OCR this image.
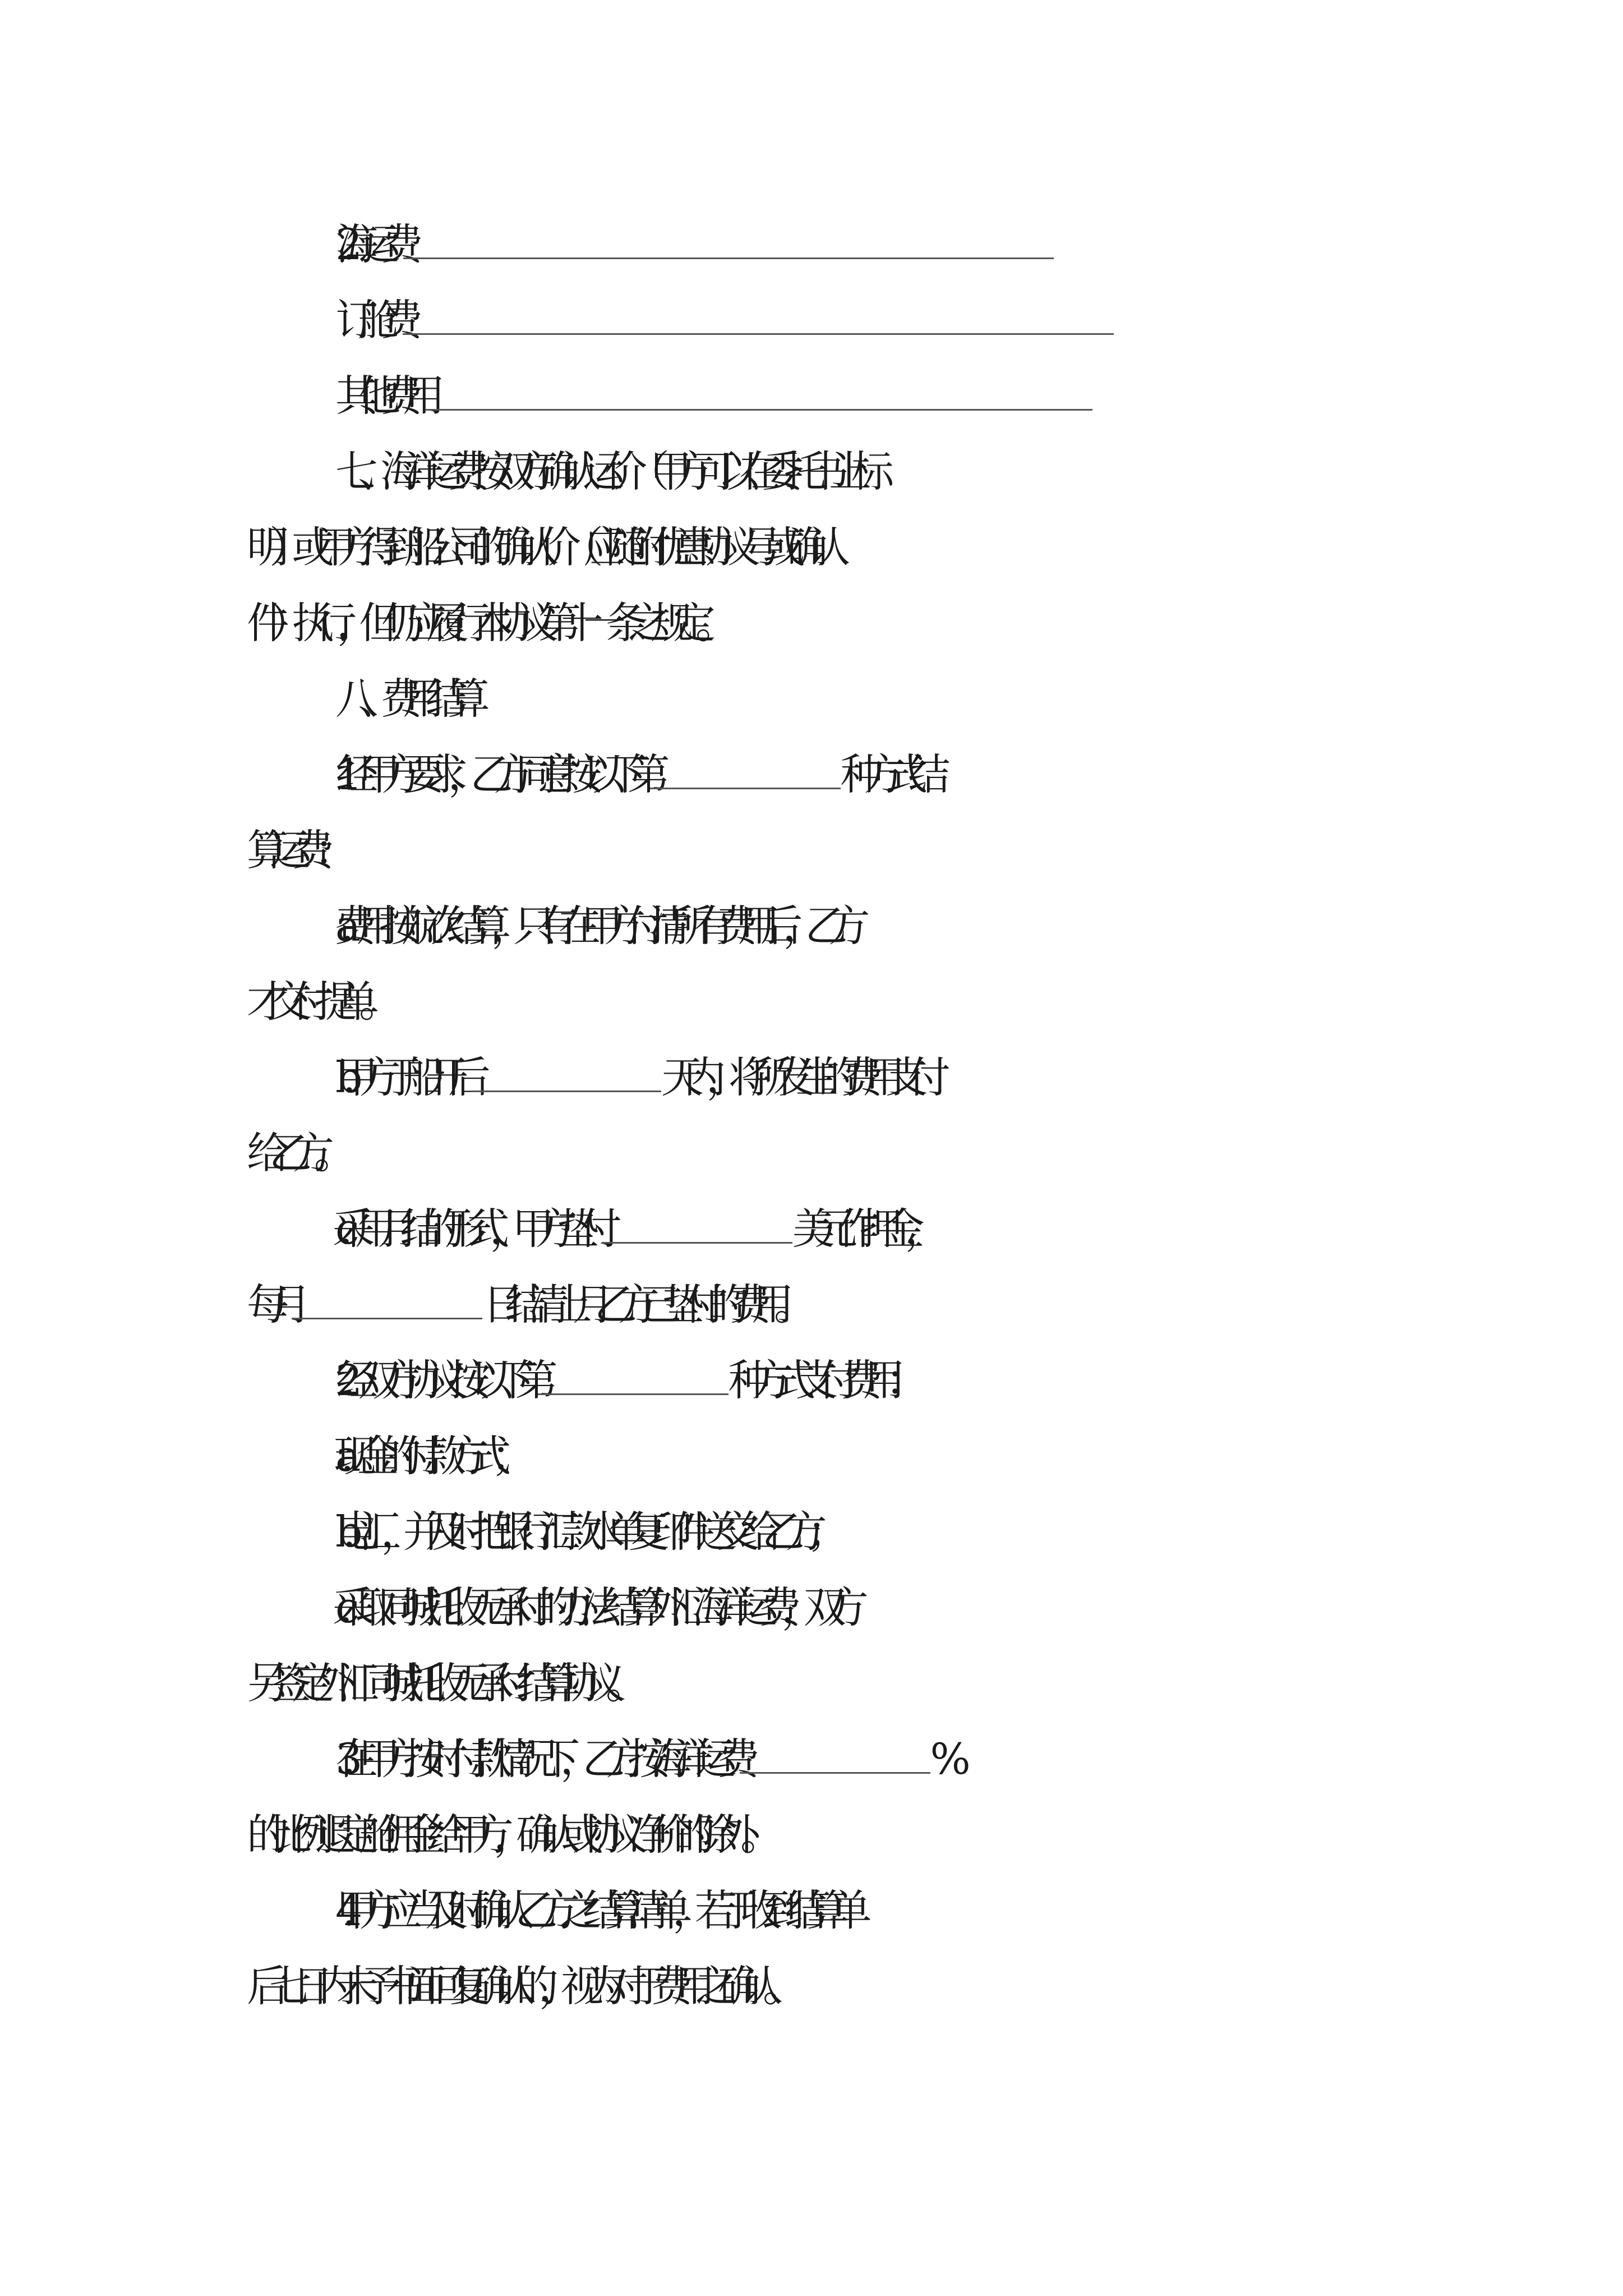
2.海运费
订舱费
其他费用
七、海洋运费按双方确认运价（甲方可以在委托书上标
明）或甲方得到船公司的确认价（应随附优惠协议号或确认
件）执行，但仍应履行本协议第十一条之规定。
八、费用结算
1.经甲方要求，乙方同意按以下第	种方式结
算运费：
a.费用按航次结算，只有在甲方付清所有费用后，乙方
才交付提单。
b.甲方于船开后	天内，将所发生的费用支付
给乙方。
c.采用月结的形式，甲方垫付	美元作押金，
每月	日结清上月乙方已垫付的费用。
2.经双方协议按以下第	种方式支付费用：
a.现金的付款方式；
b.电汇，并及时把银行汇款水单复印件送交给乙方；
c.采取同城托收无承付的办法结算外汇海洋运费，双方
另签定外汇同城托收无承付结算协议。
3.在甲方按时付款情况下，乙方按海洋运费	%
的比例退定舱佣金给甲方，确认或协议净价的除外。
4.甲方应当及时确认乙方之结算清单，若于收到结算单
后七日内未予书面回复确认的，视为对于费用之确认。
